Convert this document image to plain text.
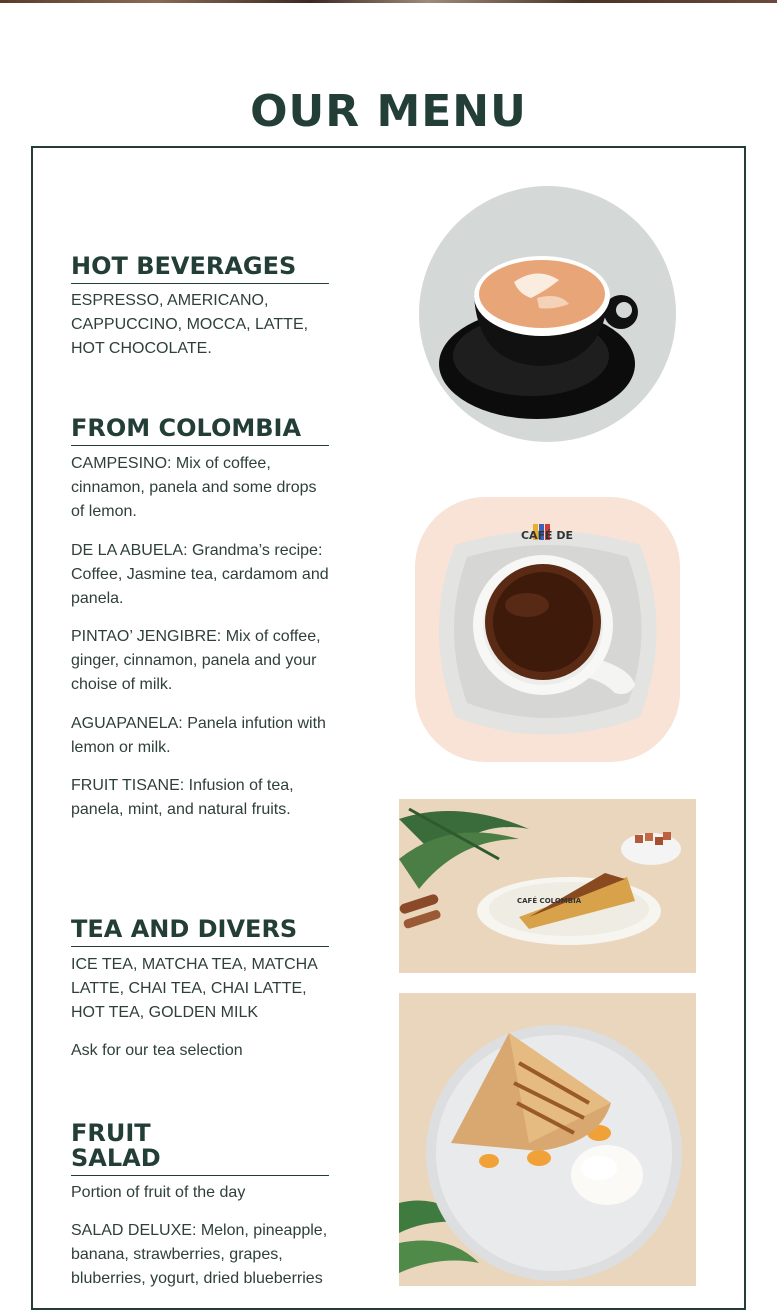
OUR MENU
HOT BEVERAGES

ESPRESSO, AMERICANO, CAPPUCCINO, MOCCA, LATTE, HOT CHOCOLATE.

FROM COLOMBIA

CAMPESINO: Mix of coffee, cinnamon, panela and some drops of lemon.

DE LA ABUELA: Grandma’s recipe: Coffee, Jasmine tea, cardamom and panela.

PINTAO’ JENGIBRE: Mix of coffee, ginger, cinnamon, panela and your choise of milk.

AGUAPANELA: Panela infution with lemon or milk.

FRUIT TISANE: Infusion of tea, panela, mint, and natural fruits.

TEA AND DIVERS

ICE TEA, MATCHA TEA, MATCHA LATTE, CHAI TEA, CHAI LATTE, HOT TEA, GOLDEN MILK

Ask for our tea selection

FRUIT
SALAD

Portion of fruit of the day

SALAD DELUXE: Melon, pineapple, banana, strawberries, grapes, bluberries, yogurt, dried blueberries

CAFÉ DE
CAFÉ COLOMBIA
